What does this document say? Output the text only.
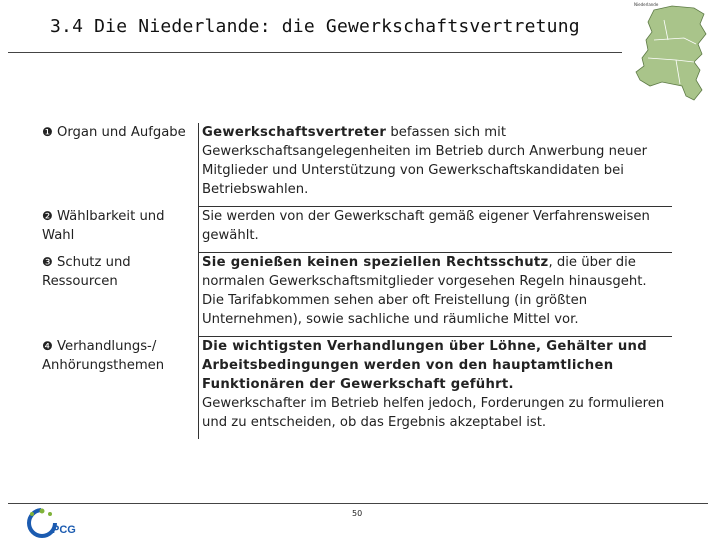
3.4 Die Niederlande: die Gewerkschaftsvertretung
Niederlande
❶ Organ und Aufgabe	Gewerkschaftsvertreter befassen sich mit Gewerkschaftsangelegenheiten im Betrieb durch Anwerbung neuer Mitglieder und Unterstützung von Gewerkschaftskandidaten bei Betriebswahlen.
❷ Wählbarkeit und Wahl	Sie werden von der Gewerkschaft gemäß eigener Verfahrensweisen gewählt.
❸ Schutz und Ressourcen	Sie genießen keinen speziellen Rechtsschutz, die über die normalen Gewerkschaftsmitglieder vorgesehen Regeln hinausgeht. Die Tarifabkommen sehen aber oft Freistellung (in größten Unternehmen), sowie sachliche und räumliche Mittel vor.
❹ Verhandlungs-/ Anhörungsthemen	Die wichtigsten Verhandlungen über Löhne, Gehälter und Arbeitsbedingungen werden von den hauptamtlichen Funktionären der Gewerkschaft geführt.
Gewerkschafter im Betrieb helfen jedoch, Forderungen zu formulieren und zu entscheiden, ob das Ergebnis akzeptabel ist.
50
PCG
